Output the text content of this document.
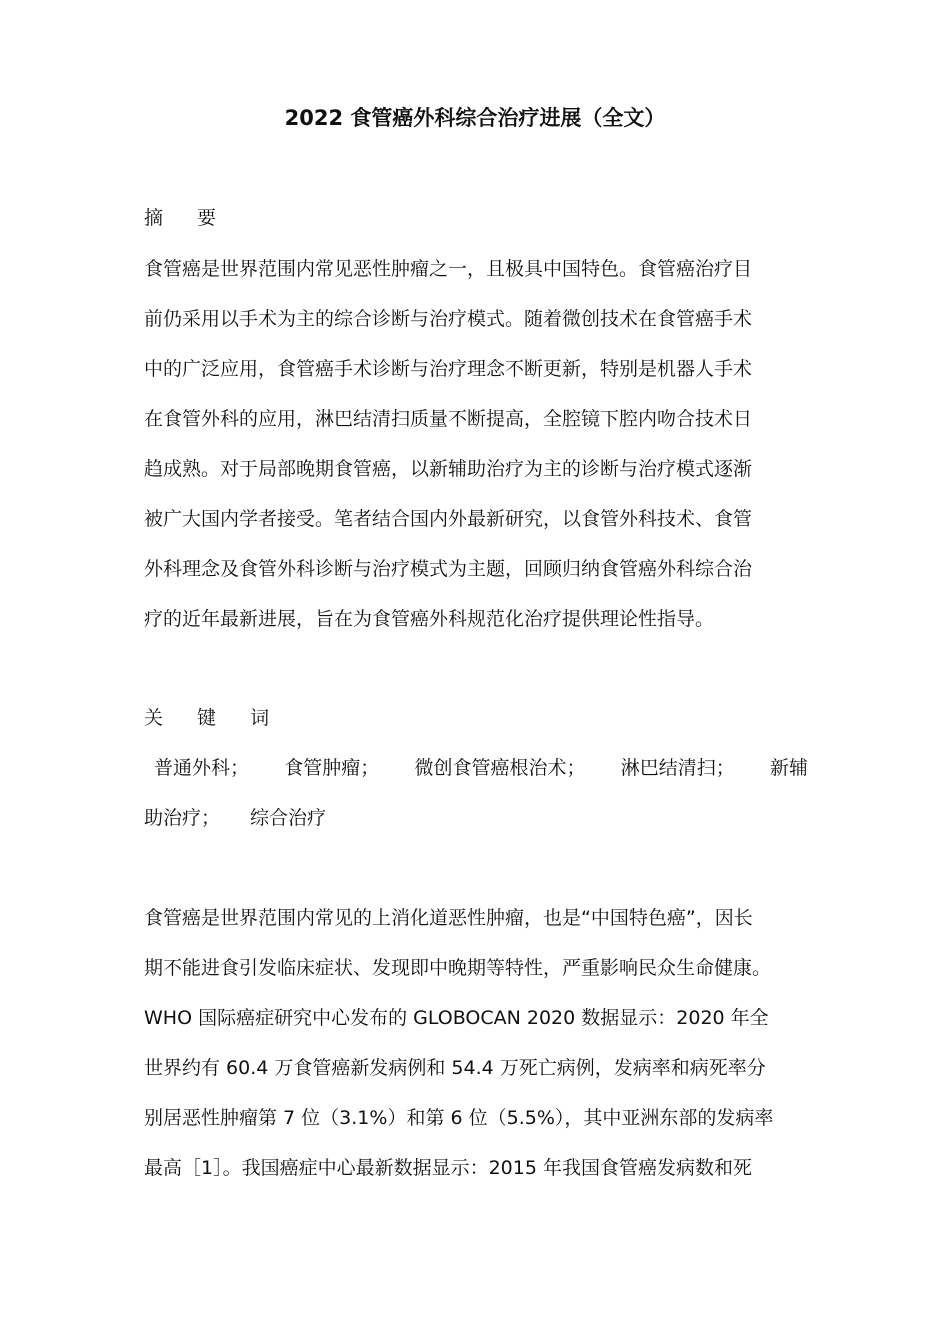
2022 食管癌外科综合治疗进展（全文）
摘 要
食管癌是世界范围内常见恶性肿瘤之一，且极具中国特色。食管癌治疗目
前仍采用以手术为主的综合诊断与治疗模式。随着微创技术在食管癌手术
中的广泛应用，食管癌手术诊断与治疗理念不断更新，特别是机器人手术
在食管外科的应用，淋巴结清扫质量不断提高，全腔镜下腔内吻合技术日
趋成熟。对于局部晚期食管癌，以新辅助治疗为主的诊断与治疗模式逐渐
被广大国内学者接受。笔者结合国内外最新研究，以食管外科技术、食管
外科理念及食管外科诊断与治疗模式为主题，回顾归纳食管癌外科综合治
疗的近年最新进展，旨在为食管癌外科规范化治疗提供理论性指导。
关 键 词
普通外科； 食管肿瘤； 微创食管癌根治术； 淋巴结清扫； 新辅
助治疗； 综合治疗
食管癌是世界范围内常见的上消化道恶性肿瘤，也是“中国特色癌”，因长
期不能进食引发临床症状、发现即中晚期等特性，严重影响民众生命健康。
WHO 国际癌症研究中心发布的 GLOBOCAN 2020 数据显示：2020 年全
世界约有 60.4 万食管癌新发病例和 54.4 万死亡病例，发病率和病死率分
别居恶性肿瘤第 7 位（3.1%）和第 6 位（5.5%），其中亚洲东部的发病率
最高［1］。我国癌症中心最新数据显示：2015 年我国食管癌发病数和死
